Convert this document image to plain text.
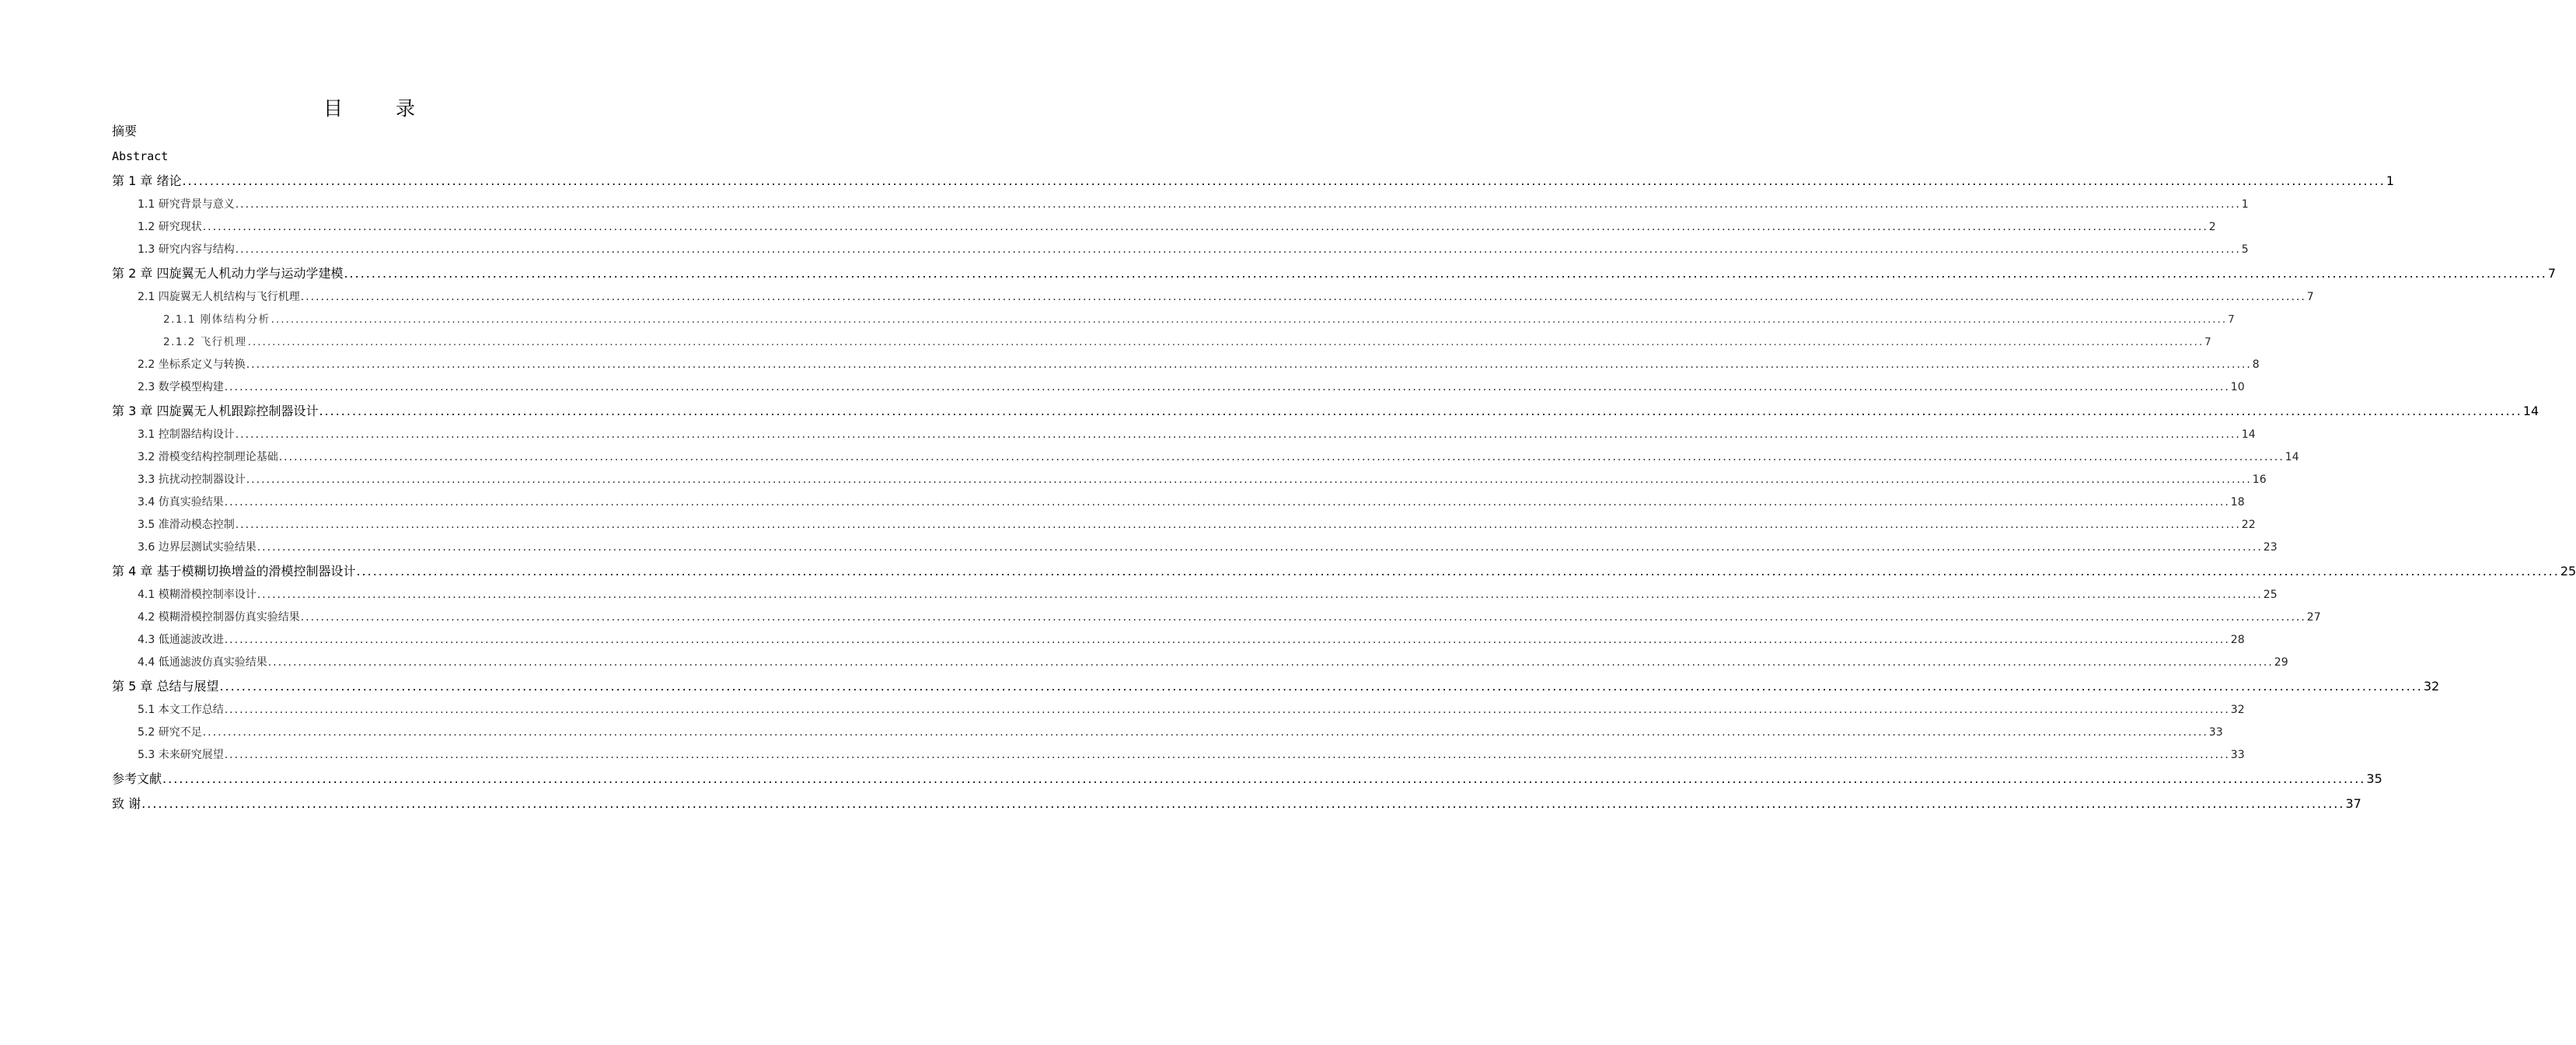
目 录
摘要
Abstract
第 1 章 绪论 ................................................................................................................................................................................................................................................................................................................................................................................................................ 1
1.1 研究背景与意义 ................................................................................................................................................................................................................................................................................................................................................................................................................ 1
1.2 研究现状 ................................................................................................................................................................................................................................................................................................................................................................................................................ 2
1.3 研究内容与结构 ................................................................................................................................................................................................................................................................................................................................................................................................................ 5
第 2 章 四旋翼无人机动力学与运动学建模 ................................................................................................................................................................................................................................................................................................................................................................................................................ 7
2.1 四旋翼无人机结构与飞行机理 ................................................................................................................................................................................................................................................................................................................................................................................................................ 7
2.1.1 刚体结构分析 ................................................................................................................................................................................................................................................................................................................................................................................................................ 7
2.1.2 飞行机理 ................................................................................................................................................................................................................................................................................................................................................................................................................ 7
2.2 坐标系定义与转换 ................................................................................................................................................................................................................................................................................................................................................................................................................ 8
2.3 数学模型构建 ................................................................................................................................................................................................................................................................................................................................................................................................................ 10
第 3 章 四旋翼无人机跟踪控制器设计 ................................................................................................................................................................................................................................................................................................................................................................................................................ 14
3.1 控制器结构设计 ................................................................................................................................................................................................................................................................................................................................................................................................................ 14
3.2 滑模变结构控制理论基础 ................................................................................................................................................................................................................................................................................................................................................................................................................ 14
3.3 抗扰动控制器设计 ................................................................................................................................................................................................................................................................................................................................................................................................................ 16
3.4 仿真实验结果 ................................................................................................................................................................................................................................................................................................................................................................................................................ 18
3.5 准滑动模态控制 ................................................................................................................................................................................................................................................................................................................................................................................................................ 22
3.6 边界层测试实验结果 ................................................................................................................................................................................................................................................................................................................................................................................................................ 23
第 4 章 基于模糊切换增益的滑模控制器设计 ................................................................................................................................................................................................................................................................................................................................................................................................................ 25
4.1 模糊滑模控制率设计 ................................................................................................................................................................................................................................................................................................................................................................................................................ 25
4.2 模糊滑模控制器仿真实验结果 ................................................................................................................................................................................................................................................................................................................................................................................................................ 27
4.3 低通滤波改进 ................................................................................................................................................................................................................................................................................................................................................................................................................ 28
4.4 低通滤波仿真实验结果 ................................................................................................................................................................................................................................................................................................................................................................................................................ 29
第 5 章 总结与展望 ................................................................................................................................................................................................................................................................................................................................................................................................................ 32
5.1 本文工作总结 ................................................................................................................................................................................................................................................................................................................................................................................................................ 32
5.2 研究不足 ................................................................................................................................................................................................................................................................................................................................................................................................................ 33
5.3 未来研究展望 ................................................................................................................................................................................................................................................................................................................................................................................................................ 33
参考文献 ................................................................................................................................................................................................................................................................................................................................................................................................................ 35
致 谢 ................................................................................................................................................................................................................................................................................................................................................................................................................ 37
